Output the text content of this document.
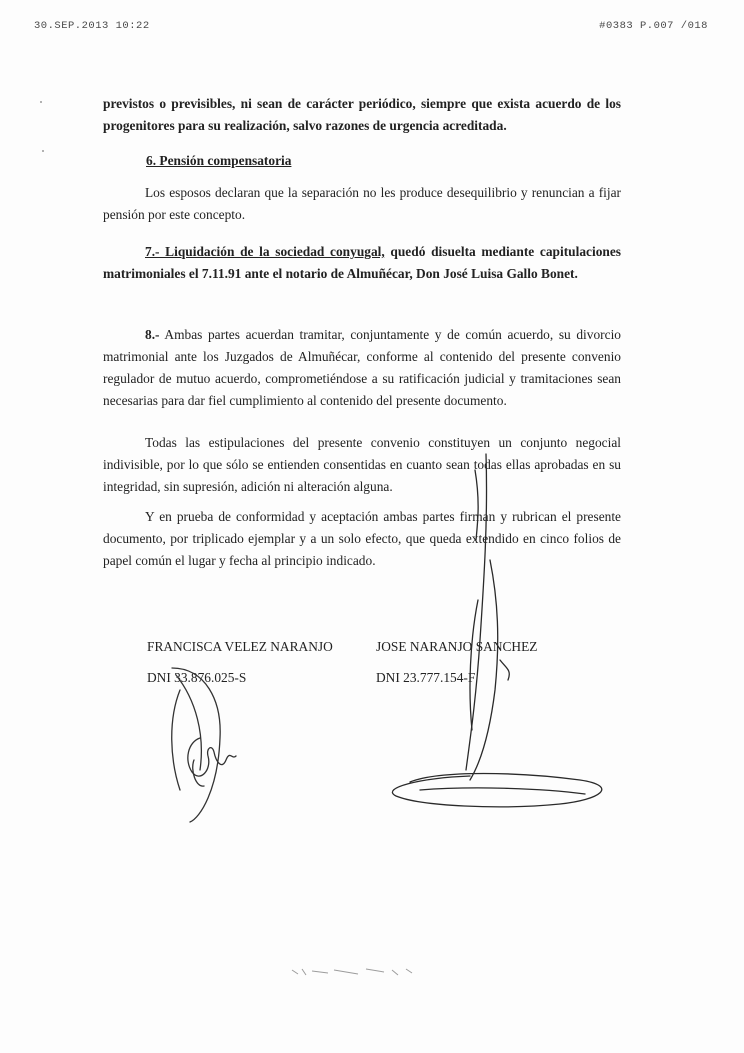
30.SEP.2013 10:22	#0383 P.007 /018

previstos o previsibles, ni sean de carácter periódico, siempre que exista acuerdo de los progenitores para su realización, salvo razones de urgencia acreditada.

6. Pensión compensatoria

Los esposos declaran que la separación no les produce desequilibrio y renuncian a fijar pensión por este concepto.

7.- Liquidación de la sociedad conyugal, quedó disuelta mediante capitulaciones matrimoniales el 7.11.91 ante el notario de Almuñécar, Don José Luisa Gallo Bonet.

8.- Ambas partes acuerdan tramitar, conjuntamente y de común acuerdo, su divorcio matrimonial ante los Juzgados de Almuñécar, conforme al contenido del presente convenio regulador de mutuo acuerdo, comprometiéndose a su ratificación judicial y tramitaciones sean necesarias para dar fiel cumplimiento al contenido del presente documento.

Todas las estipulaciones del presente convenio constituyen un conjunto negocial indivisible, por lo que sólo se entienden consentidas en cuanto sean todas ellas aprobadas en su integridad, sin supresión, adición ni alteración alguna.

Y en prueba de conformidad y aceptación ambas partes firman y rubrican el presente documento, por triplicado ejemplar y a un solo efecto, que queda extendido en cinco folios de papel común el lugar y fecha al principio indicado.

FRANCISCA VELEZ NARANJO
DNI 33.876.025-S
JOSE NARANJO SANCHEZ
DNI 23.777.154-F
